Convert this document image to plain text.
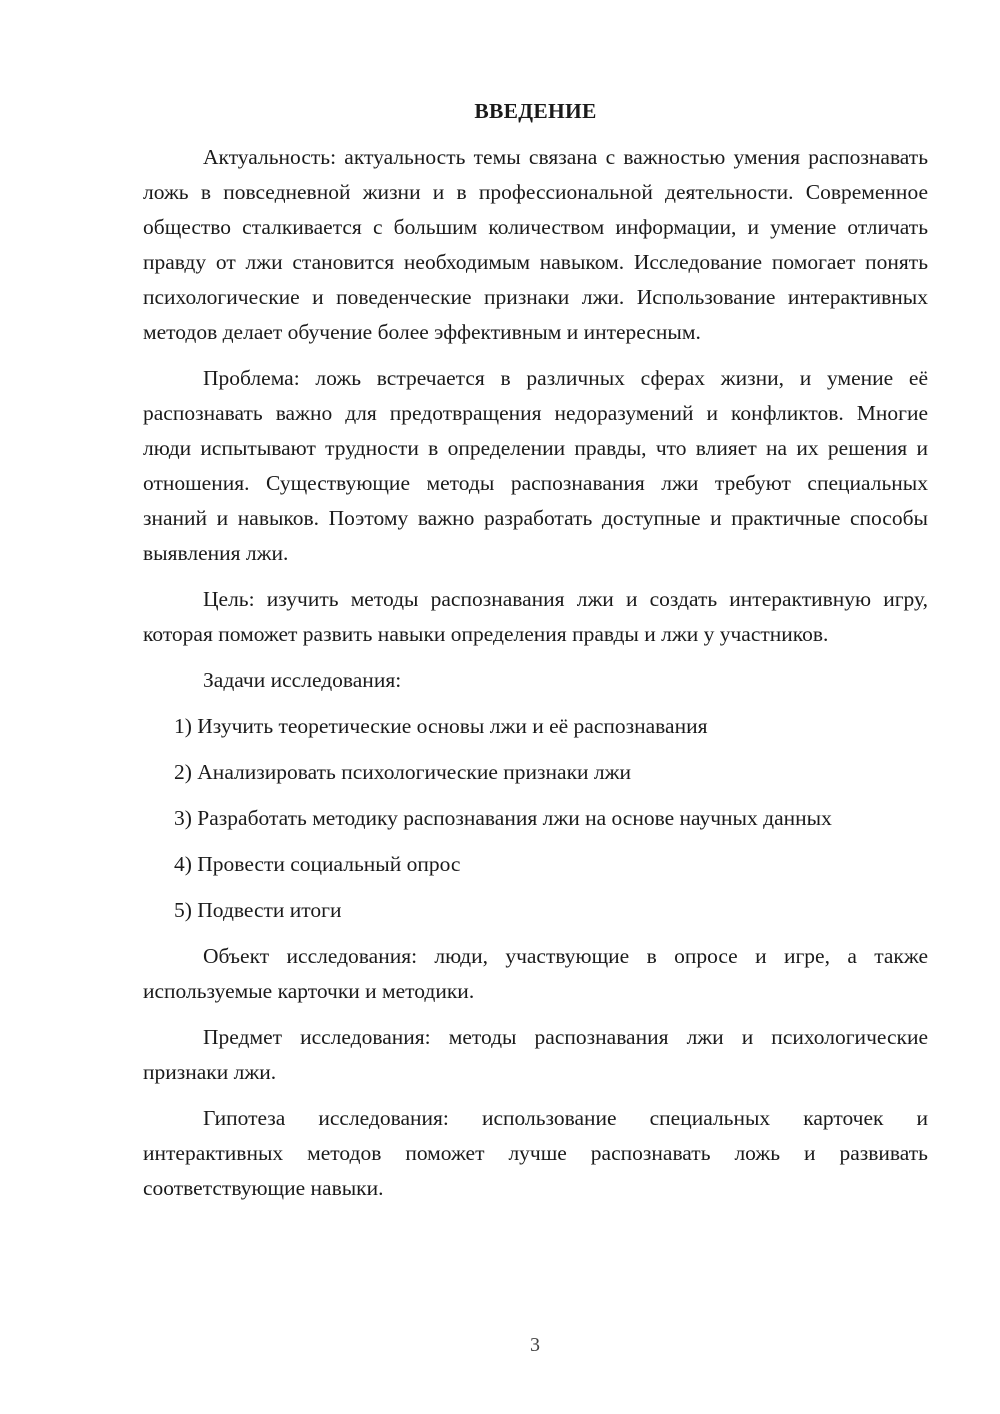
ВВЕДЕНИЕ

Актуальность: актуальность темы связана с важностью умения распознавать ложь в повседневной жизни и в профессиональной деятельности. Современное общество сталкивается с большим количеством информации, и умение отличать правду от лжи становится необходимым навыком. Исследование помогает понять психологические и поведенческие признаки лжи. Использование интерактивных методов делает обучение более эффективным и интересным.

Проблема: ложь встречается в различных сферах жизни, и умение её распознавать важно для предотвращения недоразумений и конфликтов. Многие люди испытывают трудности в определении правды, что влияет на их решения и отношения. Существующие методы распознавания лжи требуют специальных знаний и навыков. Поэтому важно разработать доступные и практичные способы выявления лжи.

Цель: изучить методы распознавания лжи и создать интерактивную игру, которая поможет развить навыки определения правды и лжи у участников.

Задачи исследования:

1) Изучить теоретические основы лжи и её распознавания

2) Анализировать психологические признаки лжи

3) Разработать методику распознавания лжи на основе научных данных

4) Провести социальный опрос

5) Подвести итоги

Объект исследования: люди, участвующие в опросе и игре, а также используемые карточки и методики.

Предмет исследования: методы распознавания лжи и психологические признаки лжи.

Гипотеза исследования: использование специальных карточек и интерактивных методов поможет лучше распознавать ложь и развивать соответствующие навыки.

3
